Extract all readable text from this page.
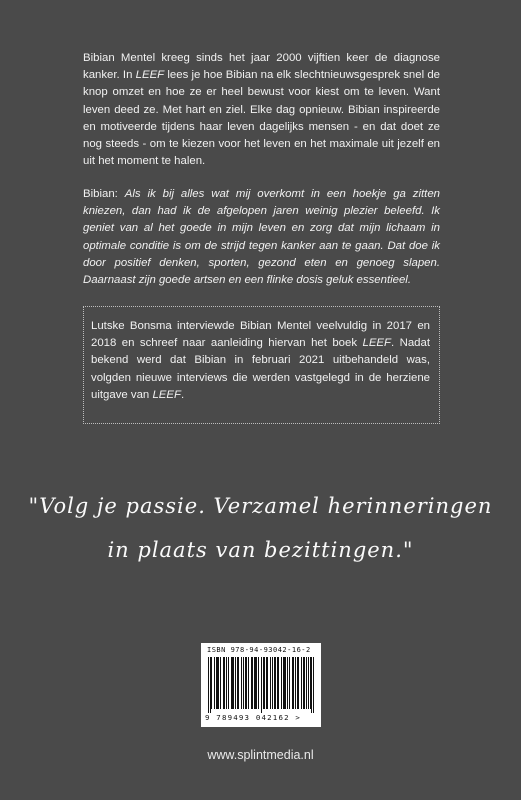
Bibian Mentel kreeg sinds het jaar 2000 vijftien keer de diagnose kanker. In LEEF lees je hoe Bibian na elk slechtnieuwsgesprek snel de knop omzet en hoe ze er heel bewust voor kiest om te leven. Want leven deed ze. Met hart en ziel. Elke dag opnieuw. Bibian inspireerde en motiveerde tijdens haar leven dagelijks mensen - en dat doet ze nog steeds - om te kiezen voor het leven en het maximale uit jezelf en uit het moment te halen.

Bibian: Als ik bij alles wat mij overkomt in een hoekje ga zitten kniezen, dan had ik de afgelopen jaren weinig plezier beleefd. Ik geniet van al het goede in mijn leven en zorg dat mijn lichaam in optimale conditie is om de strijd tegen kanker aan te gaan. Dat doe ik door positief denken, sporten, gezond eten en genoeg slapen. Daarnaast zijn goede artsen en een flinke dosis geluk essentieel.

Lutske Bonsma interviewde Bibian Mentel veelvuldig in 2017 en 2018 en schreef naar aanleiding hiervan het boek LEEF. Nadat bekend werd dat Bibian in februari 2021 uitbehandeld was, volgden nieuwe interviews die werden vastgelegd in de herziene uitgave van LEEF.

"Volg je passie. Verzamel herinneringen

in plaats van bezittingen."

ISBN 978-94-93042-16-2
9 789493 042162 >
www.splintmedia.nl
